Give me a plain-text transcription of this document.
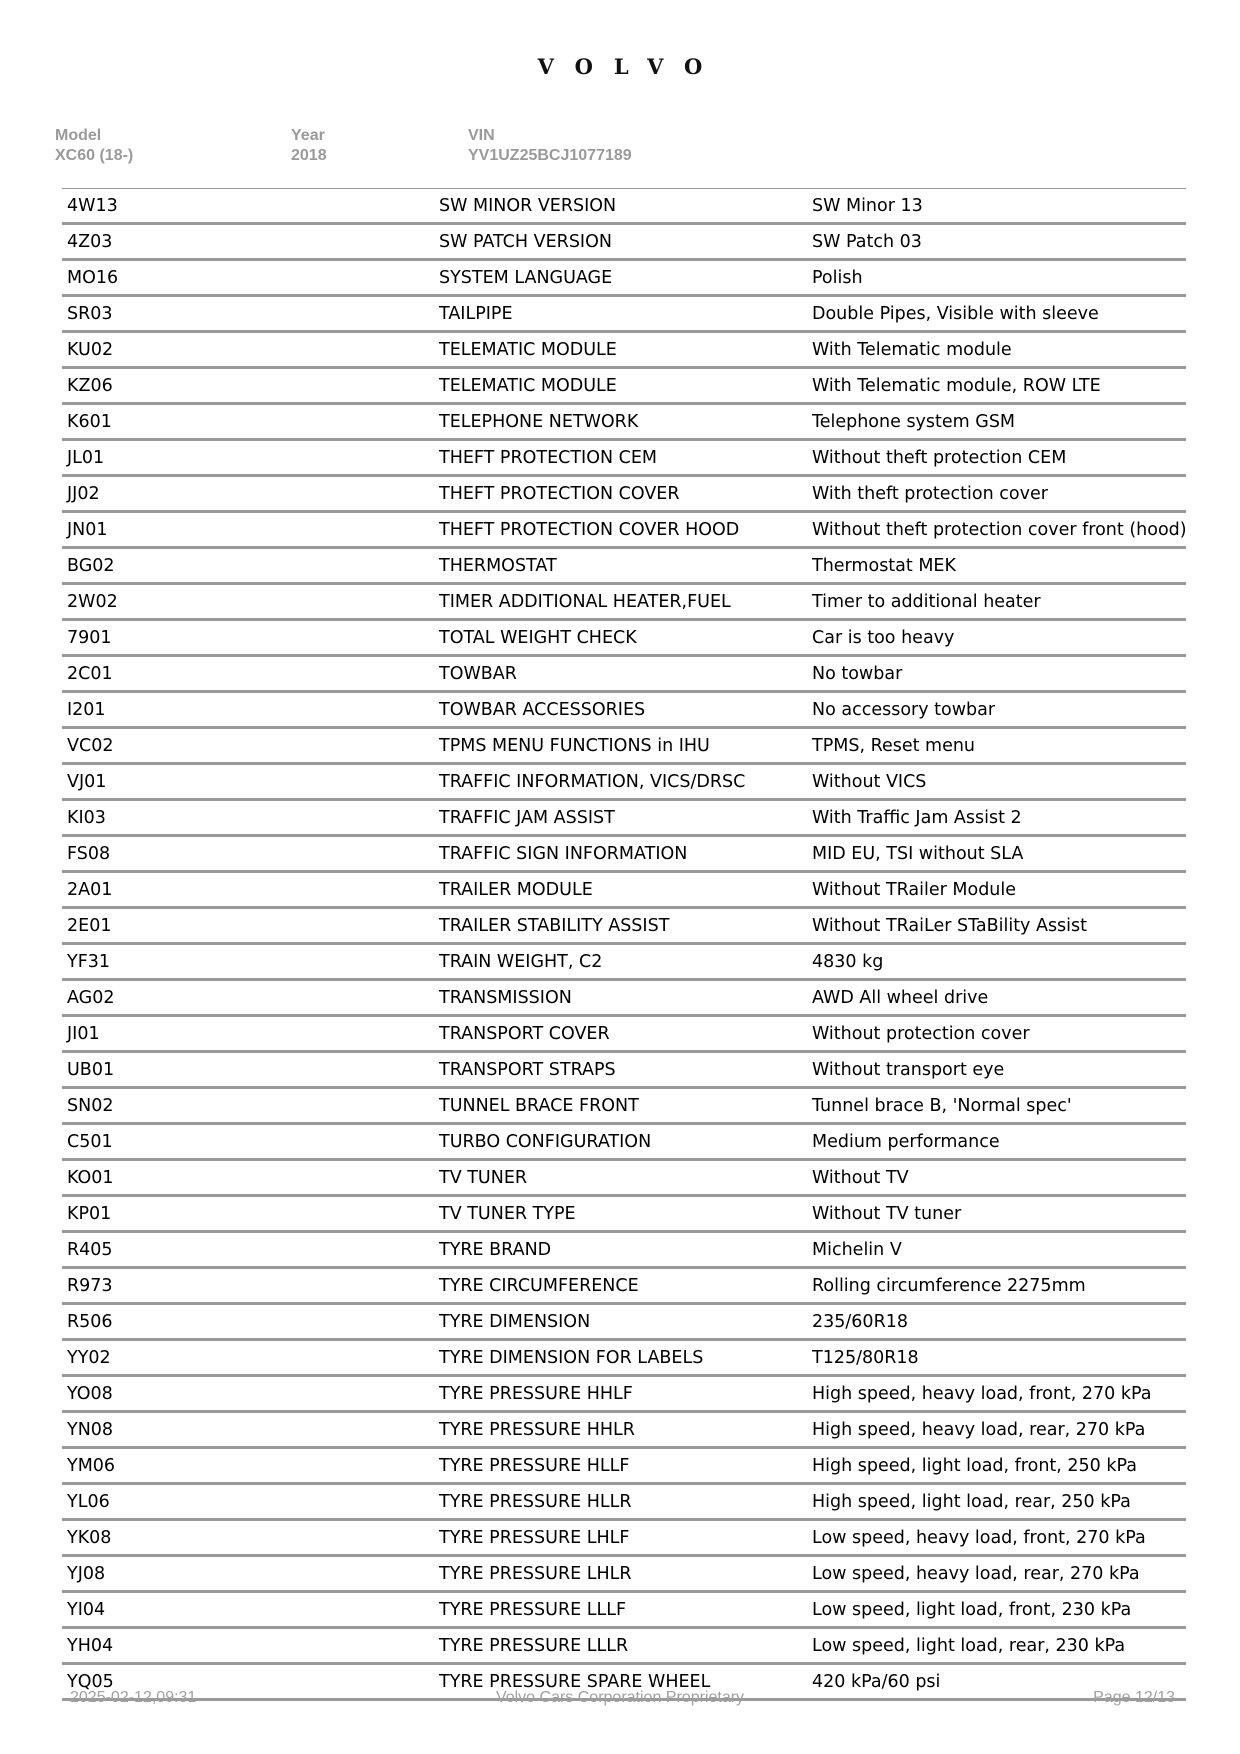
VOLVO
Model
XC60 (18-)
Year
2018
VIN
YV1UZ25BCJ1077189
4W13	SW MINOR VERSION	SW Minor 13
4Z03	SW PATCH VERSION	SW Patch 03
MO16	SYSTEM LANGUAGE	Polish
SR03	TAILPIPE	Double Pipes, Visible with sleeve
KU02	TELEMATIC MODULE	With Telematic module
KZ06	TELEMATIC MODULE	With Telematic module, ROW LTE
K601	TELEPHONE NETWORK	Telephone system GSM
JL01	THEFT PROTECTION CEM	Without theft protection CEM
JJ02	THEFT PROTECTION COVER	With theft protection cover
JN01	THEFT PROTECTION COVER HOOD	Without theft protection cover front (hood)
BG02	THERMOSTAT	Thermostat MEK
2W02	TIMER ADDITIONAL HEATER,FUEL	Timer to additional heater
7901	TOTAL WEIGHT CHECK	Car is too heavy
2C01	TOWBAR	No towbar
I201	TOWBAR ACCESSORIES	No accessory towbar
VC02	TPMS MENU FUNCTIONS in IHU	TPMS, Reset menu
VJ01	TRAFFIC INFORMATION, VICS/DRSC	Without VICS
KI03	TRAFFIC JAM ASSIST	With Traffic Jam Assist 2
FS08	TRAFFIC SIGN INFORMATION	MID EU, TSI without SLA
2A01	TRAILER MODULE	Without TRailer Module
2E01	TRAILER STABILITY ASSIST	Without TRaiLer STaBility Assist
YF31	TRAIN WEIGHT, C2	4830 kg
AG02	TRANSMISSION	AWD All wheel drive
JI01	TRANSPORT COVER	Without protection cover
UB01	TRANSPORT STRAPS	Without transport eye
SN02	TUNNEL BRACE FRONT	Tunnel brace B, 'Normal spec'
C501	TURBO CONFIGURATION	Medium performance
KO01	TV TUNER	Without TV
KP01	TV TUNER TYPE	Without TV tuner
R405	TYRE BRAND	Michelin V
R973	TYRE CIRCUMFERENCE	Rolling circumference 2275mm
R506	TYRE DIMENSION	235/60R18
YY02	TYRE DIMENSION FOR LABELS	T125/80R18
YO08	TYRE PRESSURE HHLF	High speed, heavy load, front, 270 kPa
YN08	TYRE PRESSURE HHLR	High speed, heavy load, rear, 270 kPa
YM06	TYRE PRESSURE HLLF	High speed, light load, front, 250 kPa
YL06	TYRE PRESSURE HLLR	High speed, light load, rear, 250 kPa
YK08	TYRE PRESSURE LHLF	Low speed, heavy load, front, 270 kPa
YJ08	TYRE PRESSURE LHLR	Low speed, heavy load, rear, 270 kPa
YI04	TYRE PRESSURE LLLF	Low speed, light load, front, 230 kPa
YH04	TYRE PRESSURE LLLR	Low speed, light load, rear, 230 kPa
YQ05	TYRE PRESSURE SPARE WHEEL	420 kPa/60 psi
2025-02-12,09:31	Volvo Cars Corporation Proprietary	Page 12/13
